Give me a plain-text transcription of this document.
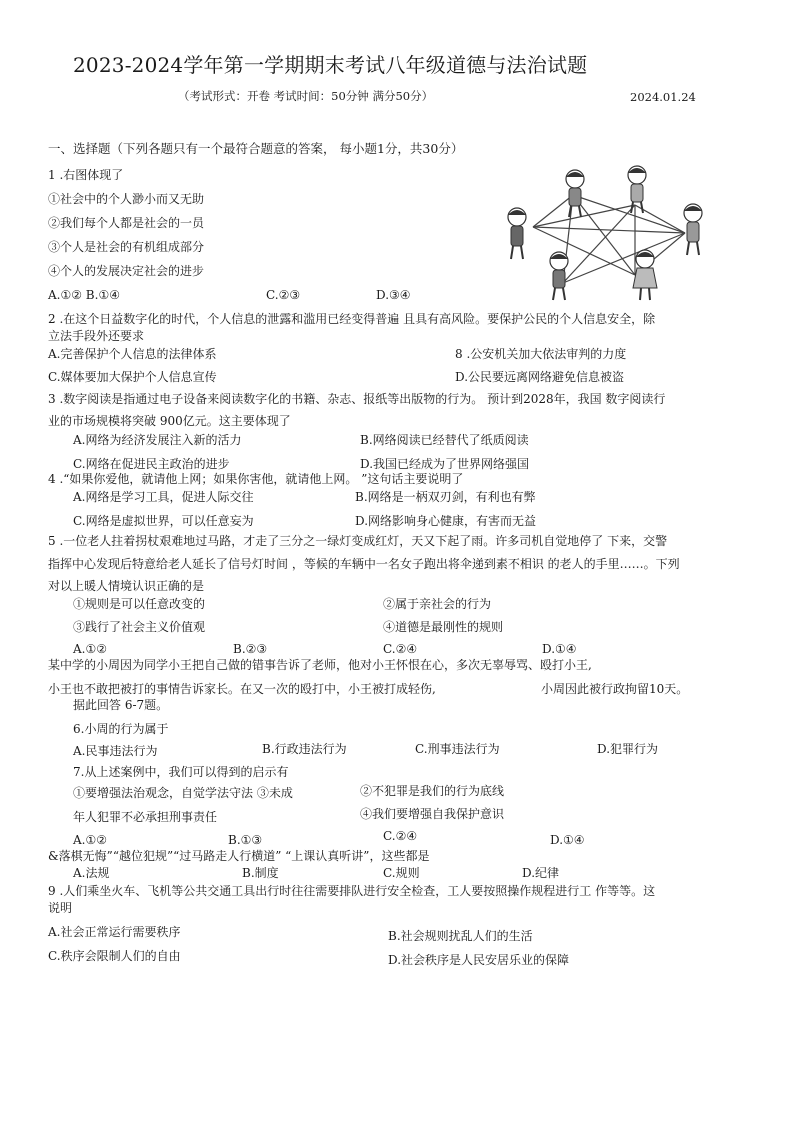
2023-2024学年第一学期期末考试八年级道德与法治试题
（考试形式：开卷 考试时间：50分钟 满分50分）	2024.01.24
一、选择题（下列各题只有一个最符合题意的答案， 每小题1分，共30分）
1 .右图体现了
①社会中的个人渺小而又无助
②我们每个人都是社会的一员
③个人是社会的有机组成部分
④个人的发展决定社会的进步
A.①② B.①④	C.②③	D.③④
2 .在这个日益数字化的时代，个人信息的泄露和滥用已经变得普遍 且具有高风险。要保护公民的个人信息安全，除
立法手段外还要求
A.完善保护个人信息的法律体系	8 .公安机关加大依法审判的力度
C.媒体要加大保护个人信息宣传	D.公民要远离网络避免信息被盗
3 .数字阅读是指通过电子设备来阅读数字化的书籍、杂志、报纸等出版物的行为。 预计到2028年，我国 数字阅读行
业的市场规模将突破 900亿元。这主要体现了
A.网络为经济发展注入新的活力	B.网络阅读已经替代了纸质阅读
C.网络在促进民主政治的进步	D.我国已经成为了世界网络强国
4 .“如果你爱他，就请他上网；如果你害他，就请他上网。 ”这句话主要说明了
A.网络是学习工具，促进人际交往	B.网络是一柄双刃剑，有利也有弊
C.网络是虚拟世界，可以任意妄为	D.网络影响身心健康，有害而无益
5 .一位老人拄着拐杖艰难地过马路，才走了三分之一绿灯变成红灯，天又下起了雨。许多司机自觉地停了 下来，交警
指挥中心发现后特意给老人延长了信号灯时间 ，等候的车辆中一名女子跑出将伞递到素不相识 的老人的手里……。下列
对以上暖人情境认识正确的是
①规则是可以任意改变的	②属于亲社会的行为
③践行了社会主义价值观	④道德是最刚性的规则
A.①②	B.②③	C.②④	D.①④
某中学的小周因为同学小王把自己做的错事告诉了老师，他对小王怀恨在心，多次无辜辱骂、殴打小王,
小王也不敢把被打的事情告诉家长。在又一次的殴打中，小王被打成轻伤,	小周因此被行政拘留10天。
据此回答 6-7题。
6.小周的行为属于
A.民事违法行为	B.行政违法行为	C.刑事违法行为	D.犯罪行为
7.从上述案例中，我们可以得到的启示有
①要增强法治观念，自觉学法守法 ③未成	②不犯罪是我们的行为底线
年人犯罪不必承担刑事责任	④我们要增强自我保护意识
A.①②	B.①③	C.②④	D.①④
&落棋无悔”“越位犯规”“过马路走人行横道” “上课认真听讲”，这些都是
A.法规	B.制度	C.规则	D.纪律
9 .人们乘坐火车、飞机等公共交通工具出行时往往需要排队进行安全检查，工人要按照操作规程进行工 作等等。这
说明
A.社会正常运行需要秩序	B.社会规则扰乱人们的生活
C.秩序会限制人们的自由	D.社会秩序是人民安居乐业的保障
